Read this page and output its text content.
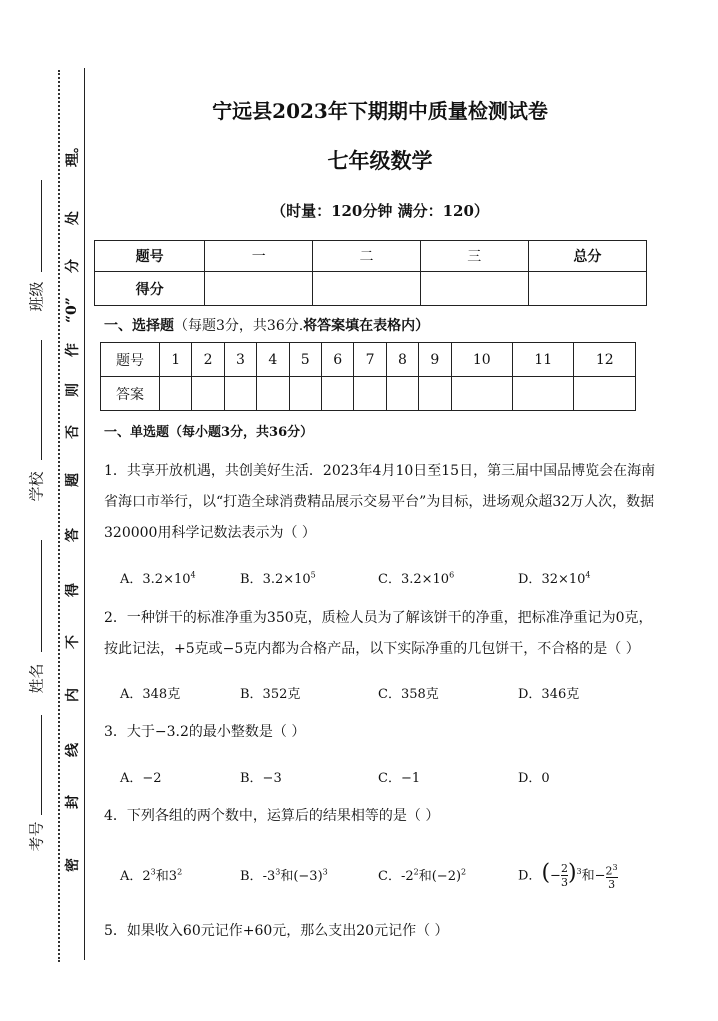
理。
处
分
“0”
作
则
否
题
答
得
不
内
线
封
密
班级
学校
姓名
考号
宁远县2023年下期期中质量检测试卷
七年级数学
（时量：120分钟 满分：120）
题号	一	二	三	总分
得分				
一、选择题（每题3分，共36分.将答案填在表格内）
题号	1	2	3	4	5	6	7	8	9	10	11	12
答案												
一、单选题（每小题3分，共36分）
1．共享开放机遇，共创美好生活．2023年4月10日至15日，第三届中国品博览会在海南省海口市举行，以“打造全球消费精品展示交易平台”为目标，进场观众超32万人次，数据320000用科学记数法表示为（ ）
A．$3.2\times 10^4$	B．$3.2\times 10^5$	C．$3.2\times 10^6$	D．$32\times 10^4$
2．一种饼干的标准净重为350克，质检人员为了解该饼干的净重，把标准净重记为0克，按此记法，+5克或−5克内都为合格产品，以下实际净重的几包饼干，不合格的是（ ）
A．348克	B．352克	C．358克	D．346克
3．大于−3.2的最小整数是（ ）
A．−2	B．−3	C．−1	D．0
4．下列各组的两个数中，运算后的结果相等的是（ ）
A．$2^3$和$3^2$	B．$-3^3$和$(-3)^3$	C．$-2^2$和$(-2)^2$	D．(− $\frac{2}{3} )^3$和− $\frac{2^3}{3}$
5．如果收入60元记作+60元，那么支出20元记作（ ）
